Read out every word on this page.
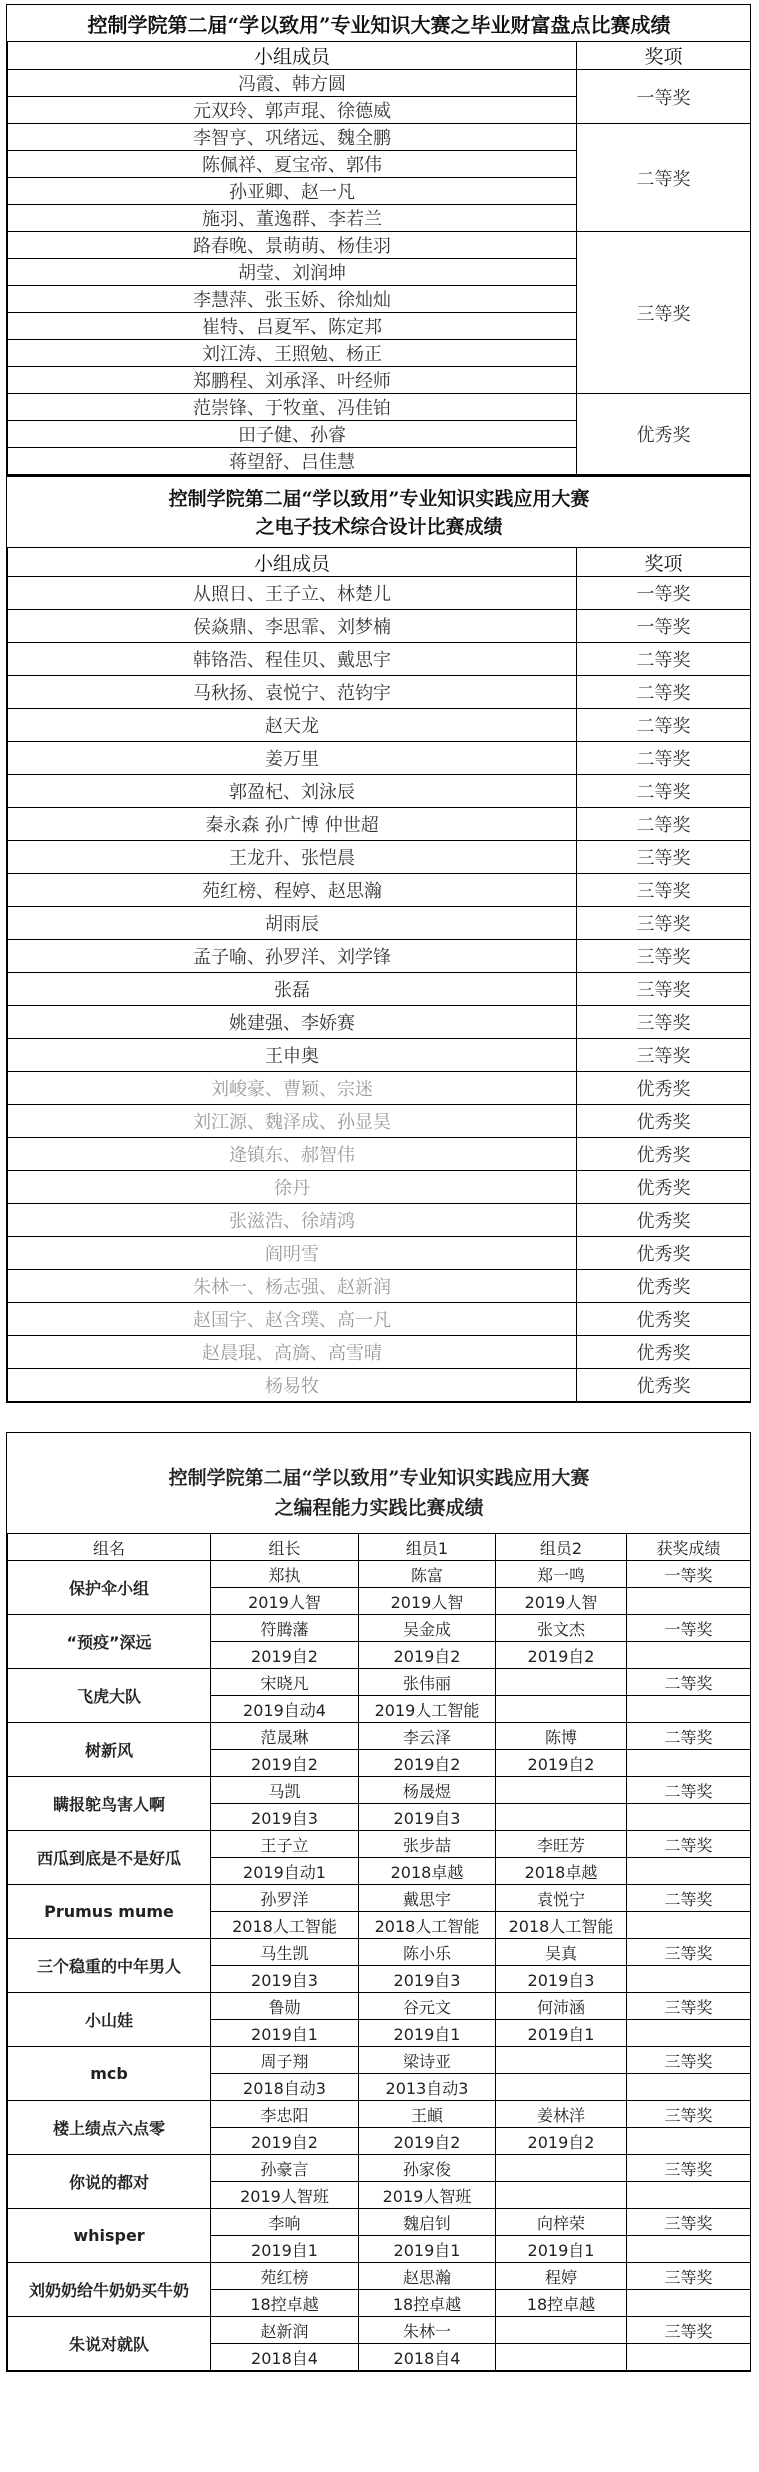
控制学院第二届“学以致用”专业知识大赛之毕业财富盘点比赛成绩	
小组成员	奖项
冯霞、韩方圆	一等奖
元双玲、郭声琨、徐德威	
李智亨、巩绪远、魏全鹏	二等奖
陈佩祥、夏宝帝、郭伟	
孙亚卿、赵一凡	
施羽、董逸群、李若兰	
路春晚、景萌萌、杨佳羽	三等奖
胡莹、刘润坤	
李慧萍、张玉娇、徐灿灿	
崔特、吕夏军、陈定邦	
刘江涛、王照勉、杨正	
郑鹏程、刘承泽、叶经师	
范崇锋、于牧童、冯佳铂	优秀奖
田子健、孙睿	
蒋望舒、吕佳慧	
控制学院第二届“学以致用”专业知识实践应用大赛
之电子技术综合设计比赛成绩	

小组成员	奖项
从照日、王子立、林楚儿	一等奖
侯焱鼎、李思霏、刘梦楠	一等奖
韩铬浩、程佳贝、戴思宇	二等奖
马秋扬、袁悦宁、范钧宇	二等奖
赵天龙	二等奖
姜万里	二等奖
郭盈杞、刘泳辰	二等奖
秦永森 孙广博 仲世超	二等奖
王龙升、张恺晨	三等奖
苑红榜、程婷、赵思瀚	三等奖
胡雨辰	三等奖
孟子喻、孙罗洋、刘学锋	三等奖
张磊	三等奖
姚建强、李娇赛	三等奖
王申奥	三等奖
刘峻豪、曹颖、宗迷	优秀奖
刘江源、魏泽成、孙显昊	优秀奖
逄镇东、郝智伟	优秀奖
徐丹	优秀奖
张滋浩、徐靖鸿	优秀奖
阎明雪	优秀奖
朱林一、杨志强、赵新润	优秀奖
赵国宇、赵含璞、高一凡	优秀奖
赵晨琨、高旖、高雪晴	优秀奖
杨易牧	优秀奖
控制学院第二届“学以致用”专业知识实践应用大赛
之编程能力实践比赛成绩				

组名	组长	组员1	组员2	获奖成绩
保护伞小组	郑执	陈富	郑一鸣	一等奖
	2019人智	2019人智	2019人智	
“预疫”深远	符腾藩	吴金成	张文杰	一等奖
	2019自2	2019自2	2019自2	
飞虎大队	宋晓凡	张伟丽		二等奖
	2019自动4	2019人工智能		
树新风	范晟琳	李云泽	陈博	二等奖
	2019自2	2019自2	2019自2	
瞒报鸵鸟害人啊	马凯	杨晟煜		二等奖
	2019自3	2019自3		
西瓜到底是不是好瓜	王子立	张步喆	李旺芳	二等奖
	2019自动1	2018卓越	2018卓越	
Prumus mume	孙罗洋	戴思宇	袁悦宁	二等奖
	2018人工智能	2018人工智能	2018人工智能	
三个稳重的中年男人	马生凯	陈小乐	吴真	三等奖
	2019自3	2019自3	2019自3	
小山娃	鲁勋	谷元文	何沛涵	三等奖
	2019自1	2019自1	2019自1	
mcb	周子翔	梁诗亚		三等奖
	2018自动3	2013自动3		
楼上绩点六点零	李忠阳	王頔	姜林洋	三等奖
	2019自2	2019自2	2019自2	
你说的都对	孙豪言	孙家俊		三等奖
	2019人智班	2019人智班		
whisper	李响	魏启钊	向梓荣	三等奖
	2019自1	2019自1	2019自1	
刘奶奶给牛奶奶买牛奶	苑红榜	赵思瀚	程婷	三等奖
	18控卓越	18控卓越	18控卓越	
朱说对就队	赵新润	朱林一		三等奖
	2018自4	2018自4		
